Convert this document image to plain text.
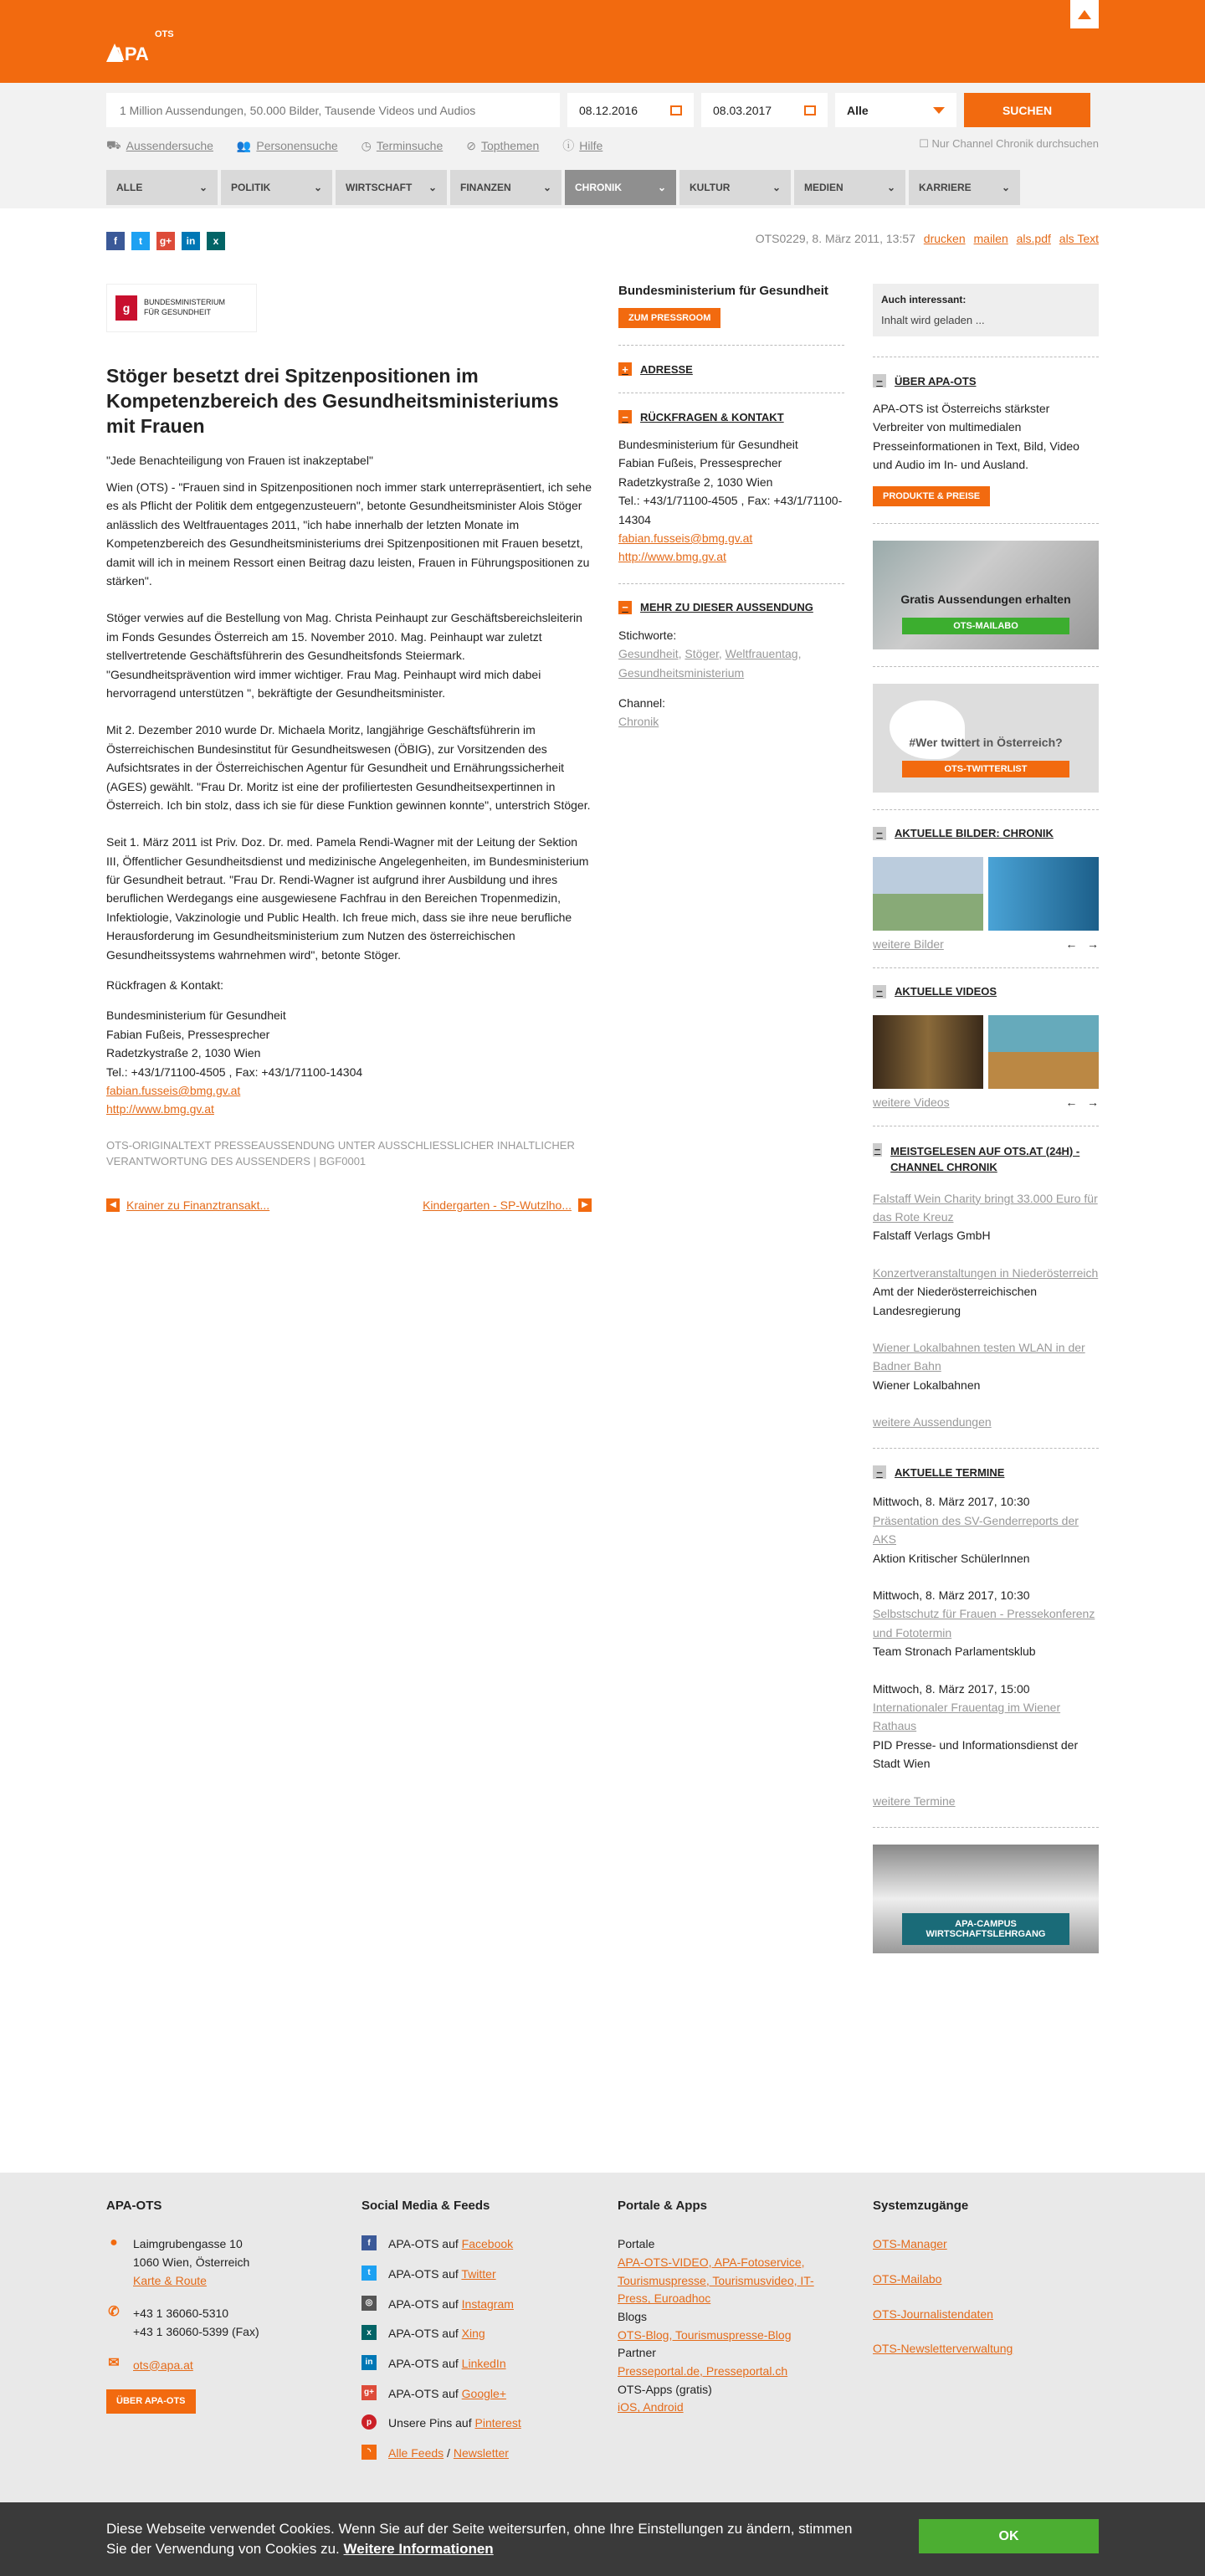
APA
OTS
1 Million Aussendungen, 50.000 Bilder, Tausende Videos und Audios
08.12.2016	08.03.2017	Alle	SUCHEN
⛟ Aussendersuche 👥 Personensuche ◷ Terminsuche ⊘ Topthemen ⓘ Hilfe	☐ Nur Channel Chronik durchsuchen
ALLE	⌄ POLITIK	⌄ WIRTSCHAFT ⌄ FINANZEN	⌄ CHRONIK	⌄ KULTUR	⌄ MEDIEN	⌄ KARRIERE	⌄
f	t	g+	in	x	OTS0229, 8. März 2011, 13:57 drucken mailen als.pdf als Text
g	BUNDESMINISTERIUM
FÜR GESUNDHEIT
Stöger besetzt drei Spitzenpositionen im Kompetenzbereich des Gesundheitsministeriums mit Frauen

"Jede Benachteiligung von Frauen ist inakzeptabel"

Wien (OTS) - "Frauen sind in Spitzenpositionen noch immer stark unterrepräsentiert, ich sehe es als Pflicht der Politik dem entgegenzusteuern", betonte Gesundheitsminister Alois Stöger anlässlich des Weltfrauentages 2011, "ich habe innerhalb der letzten Monate im Kompetenzbereich des Gesundheitsministeriums drei Spitzenpositionen mit Frauen besetzt, damit will ich in meinem Ressort einen Beitrag dazu leisten, Frauen in Führungspositionen zu stärken".

Stöger verwies auf die Bestellung von Mag. Christa Peinhaupt zur Geschäftsbereichsleiterin im Fonds Gesundes Österreich am 15. November 2010. Mag. Peinhaupt war zuletzt stellvertretende Geschäftsführerin des Gesundheitsfonds Steiermark. "Gesundheitsprävention wird immer wichtiger. Frau Mag. Peinhaupt wird mich dabei hervorragend unterstützen ", bekräftigte der Gesundheitsminister.

Mit 2. Dezember 2010 wurde Dr. Michaela Moritz, langjährige Geschäftsführerin im Österreichischen Bundesinstitut für Gesundheitswesen (ÖBIG), zur Vorsitzenden des Aufsichtsrates in der Österreichischen Agentur für Gesundheit und Ernährungssicherheit (AGES) gewählt. "Frau Dr. Moritz ist eine der profiliertesten Gesundheitsexpertinnen in Österreich. Ich bin stolz, dass ich sie für diese Funktion gewinnen konnte", unterstrich Stöger.

Seit 1. März 2011 ist Priv. Doz. Dr. med. Pamela Rendi-Wagner mit der Leitung der Sektion III, Öffentlicher Gesundheitsdienst und medizinische Angelegenheiten, im Bundesministerium für Gesundheit betraut. "Frau Dr. Rendi-Wagner ist aufgrund ihrer Ausbildung und ihres beruflichen Werdegangs eine ausgewiesene Fachfrau in den Bereichen Tropenmedizin, Infektiologie, Vakzinologie und Public Health. Ich freue mich, dass sie ihre neue berufliche Herausforderung im Gesundheitsministerium zum Nutzen des österreichischen Gesundheitssystems wahrnehmen wird", betonte Stöger.

Rückfragen & Kontakt:

Bundesministerium für Gesundheit
Fabian Fußeis, Pressesprecher
Radetzkystraße 2, 1030 Wien
Tel.: +43/1/71100-4505 , Fax: +43/1/71100-14304
fabian.fusseis@bmg.gv.at
http://www.bmg.gv.at
OTS-ORIGINALTEXT PRESSEAUSSENDUNG UNTER AUSSCHLIESSLICHER INHALTLICHER VERANTWORTUNG DES AUSSENDERS | BGF0001
◀ Krainer zu Finanztransakt...	Kindergarten - SP-Wutzlho...	▶
Bundesministerium für Gesundheit
ZUM PRESSROOM
+	ADRESSE
−	RÜCKFRAGEN & KONTAKT
Bundesministerium für Gesundheit
Fabian Fußeis, Pressesprecher
Radetzkystraße 2, 1030 Wien
Tel.: +43/1/71100-4505 , Fax: +43/1/71100-14304
fabian.fusseis@bmg.gv.at
http://www.bmg.gv.at
−	MEHR ZU DIESER AUSSENDUNG
Stichworte:
Gesundheit, Stöger, Weltfrauentag, Gesundheitsministerium
Channel:
Chronik
Auch interessant:
Inhalt wird geladen ...
−	ÜBER APA-OTS
APA-OTS ist Österreichs stärkster Verbreiter von multimedialen Presseinformationen in Text, Bild, Video und Audio im In- und Ausland.
PRODUKTE & PREISE
Gratis Aussendungen erhalten
OTS-MAILABO
#Wer twittert in Österreich?
OTS-TWITTERLIST
−	AKTUELLE BILDER: CHRONIK
weitere Bilder	← →
−	AKTUELLE VIDEOS
weitere Videos	← →
− MEISTGELESEN AUF OTS.AT (24H) - CHANNEL CHRONIK
Falstaff Wein Charity bringt 33.000 Euro für das Rote Kreuz
Falstaff Verlags GmbH
Konzertveranstaltungen in Niederösterreich
Amt der Niederösterreichischen Landesregierung
Wiener Lokalbahnen testen WLAN in der Badner Bahn
Wiener Lokalbahnen
weitere Aussendungen
−	AKTUELLE TERMINE
Mittwoch, 8. März 2017, 10:30
Präsentation des SV-Genderreports der AKS
Aktion Kritischer SchülerInnen
Mittwoch, 8. März 2017, 10:30
Selbstschutz für Frauen - Pressekonferenz und Fototermin
Team Stronach Parlamentsklub
Mittwoch, 8. März 2017, 15:00
Internationaler Frauentag im Wiener Rathaus
PID Presse- und Informationsdienst der Stadt Wien
weitere Termine
APA-CAMPUS WIRTSCHAFTSLEHRGANG
APA-OTS
● Laimgrubengasse 10
1060 Wien, Österreich
Karte & Route
✆ +43 1 36060-5310
+43 1 36060-5399 (Fax)
✉ ots@apa.at
ÜBER APA-OTS
Social Media & Feeds
f	APA-OTS auf Facebook
t	APA-OTS auf Twitter
◎	APA-OTS auf Instagram
x	APA-OTS auf Xing
in	APA-OTS auf LinkedIn
g+ APA-OTS auf Google+
p	Unsere Pins auf Pinterest
◝	Alle Feeds / Newsletter
Portale & Apps
Portale
APA-OTS-VIDEO, APA-Fotoservice, Tourismuspresse, Tourismusvideo, IT-Press, Euroadhoc
Blogs
OTS-Blog, Tourismuspresse-Blog
Partner
Presseportal.de, Presseportal.ch
OTS-Apps (gratis)
iOS, Android
Systemzugänge
OTS-Manager
OTS-Mailabo
OTS-Journalistendaten
OTS-Newsletterverwaltung
Diese Webseite verwendet Cookies. Wenn Sie auf der Seite weitersurfen, ohne Ihre Einstellungen zu ändern, stimmen Sie der Verwendung von Cookies zu. Weitere Informationen
OK
